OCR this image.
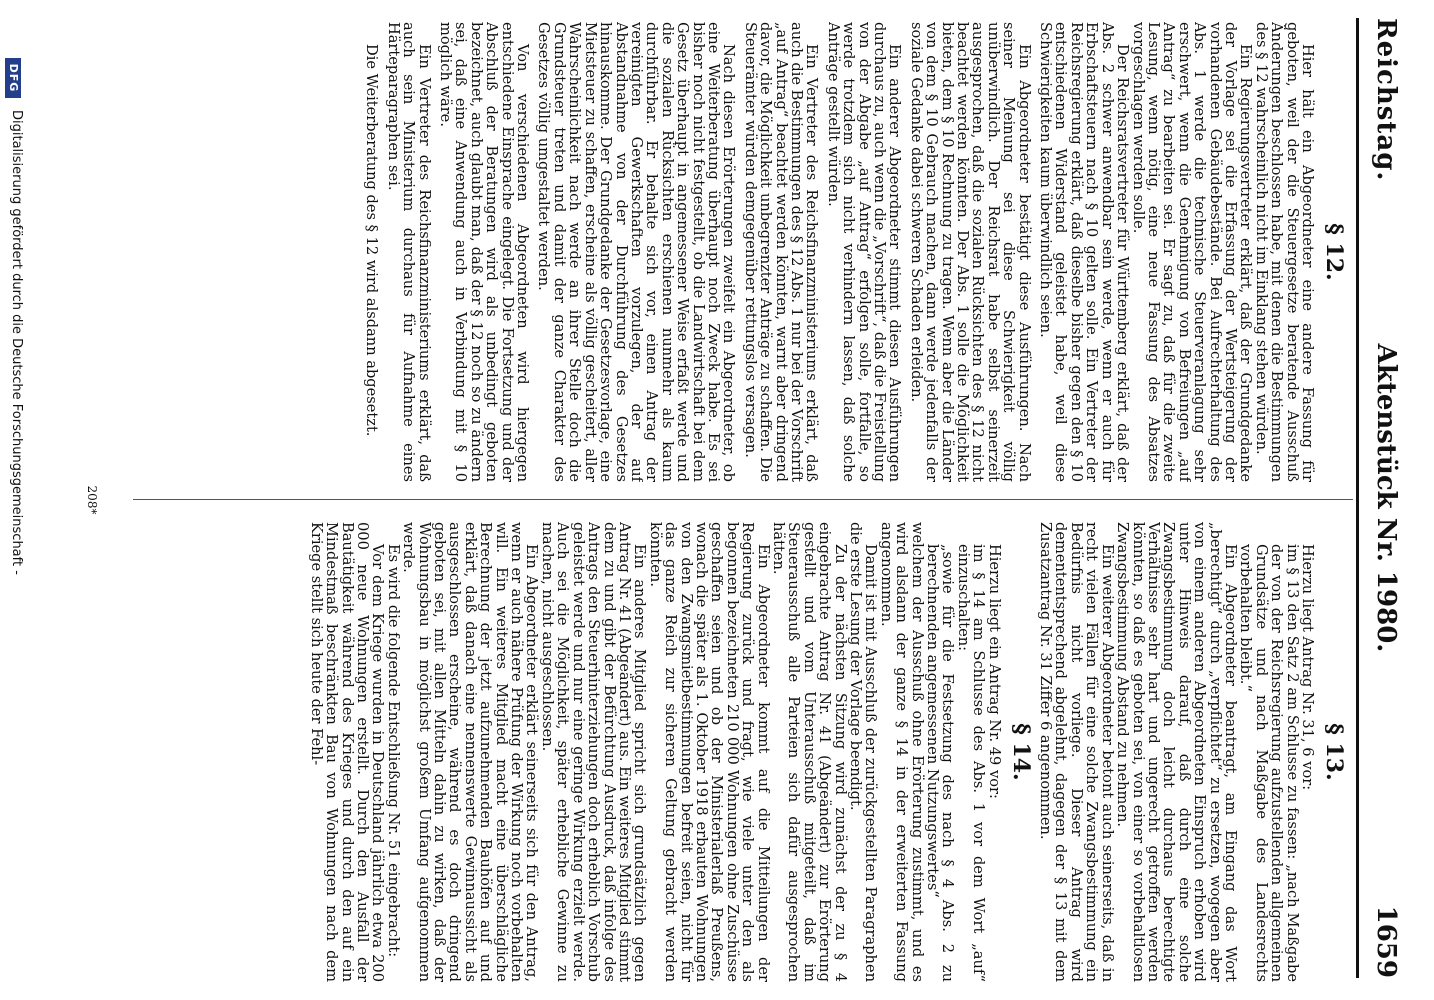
Reichstag.
Aktenstück Nr. 1980.
1659
§ 12.

Hier hält ein Abgeordneter eine andere Fassung für geboten, weil der die Steuergesetze beratende Ausschuß Änderungen beschlossen habe, mit denen die Bestimmungen des § 12 wahrscheinlich nicht im Einklang stehen würden.

Ein Regierungsvertreter erklärt, daß der Grundgedanke der Vorlage sei die Erfassung der Wertsteigerung der vorhandenen Gebäudebestände. Bei Aufrechterhaltung des Abs. 1 werde die technische Steuerveranlagung sehr erschwert, wenn die Genehmigung von Befreiungen „auf Antrag“ zu bearbeiten sei. Er sagt zu, daß für die zweite Lesung, wenn nötig, eine neue Fassung des Absatzes vorgeschlagen werden solle.

Der Reichsratsvertreter für Württemberg erklärt, daß der Abs. 2 schwer anwendbar sein werde, wenn er auch für Erbschaftsteuern nach § 10 gelten solle. Ein Vertreter der Reichsregierung erklärt, daß dieselbe bisher gegen den § 10 entschiedenen Widerstand geleistet habe, weil diese Schwierigkeiten kaum überwindlich seien.

Ein Abgeordneter bestätigt diese Ausführungen. Nach seiner Meinung sei diese Schwierigkeit völlig unüberwindlich. Der Reichsrat habe selbst seinerzeit ausgesprochen, daß die sozialen Rücksichten des § 12 nicht beachtet werden könnten. Der Abs. 1 solle die Möglichkeit bieten, dem § 10 Rechnung zu tragen. Wenn aber die Länder von dem § 10 Gebrauch machen, dann werde jedenfalls der soziale Gedanke dabei schweren Schaden erleiden.

Ein anderer Abgeordneter stimmt diesen Ausführungen durchaus zu, auch wenn die „Vorschrift“, daß die Freistellung von der Abgabe „auf Antrag“ erfolgen solle, fortfalle, so werde trotzdem sich nicht verhindern lassen, daß solche Anträge gestellt würden.

Ein Vertreter des Reichsfinanzministeriums erklärt, daß auch die Bestimmungen des § 12 Abs. 1 nur bei der Vorschrift „auf Antrag“ beachtet werden könnten, warnt aber dringend davor, die Möglichkeit unbegrenzter Anträge zu schaffen. Die Steuerämter würden demgegenüber rettungslos versagen.

Nach diesen Erörterungen zweifelt ein Abgeordneter, ob eine Weiterberatung überhaupt noch Zweck habe. Es sei bisher noch nicht festgestellt, ob die Landwirtschaft bei dem Gesetz überhaupt in angemessener Weise erfaßt werde und die sozialen Rücksichten erschienen nunmehr als kaum durchführbar. Er behalte sich vor, einen Antrag der vereinigten Gewerkschaften vorzulegen, der auf Abstandnahme von der Durchführung des Gesetzes hinauskomme. Der Grundgedanke der Gesetzesvorlage, eine Mietsteuer zu schaffen, erscheine als völlig gescheitert, aller Wahrscheinlichkeit nach werde an ihrer Stelle doch die Grundsteuer treten und damit der ganze Charakter des Gesetzes völlig umgestaltet werden.

Von verschiedenen Abgeordneten wird hiergegen entschiedene Einsprache eingelegt. Die Fortsetzung und der Abschluß der Beratungen wird als unbedingt geboten bezeichnet, auch glaubt man, daß der § 12 noch so zu ändern sei, daß eine Anwendung auch in Verbindung mit § 10 möglich wäre.

Ein Vertreter des Reichsfinanzministeriums erklärt, daß auch sein Ministerium durchaus für Aufnahme eines Härteparagraphen sei.

Die Weiterberatung des § 12 wird alsdann abgesetzt.

§ 13.

Hierzu liegt Antrag Nr. 31, 6 vor:

im § 13 den Satz 2 am Schlusse zu fassen: „nach Maßgabe der von der Reichsregierung aufzustellenden allgemeinen Grundsätze und nach Maßgabe des Landesrechts vorbehalten bleibt.“

Ein Abgeordneter beantragt, am Eingang das Wort „berechtigt“ durch „verpflichtet“ zu ersetzen, wogegen aber von einem anderen Abgeordneten Einspruch erhoben wird unter Hinweis darauf, daß durch eine solche Zwangsbestimmung doch leicht durchaus berechtigte Verhältnisse sehr hart und ungerecht getroffen werden könnten, so daß es geboten sei, von einer so vorbehaltlosen Zwangsbestimmung Abstand zu nehmen.

Ein weiterer Abgeordneter betont auch seinerseits, daß in recht vielen Fällen für eine solche Zwangsbestimmung ein Bedürfnis nicht vorliege. Dieser Antrag wird demententsprechend abgelehnt, dagegen der § 13 mit dem Zusatzantrag Nr. 31 Ziffer 6 angenommen.

§ 14.

Hierzu liegt ein Antrag Nr. 49 vor:

im § 14 am Schlusse des Abs. 1 vor dem Wort „auf“ einzuschalten:

„sowie für die Festsetzung des nach § 4 Abs. 2 zu berechnenden angemessenen Nutzungswertes“

welchem der Ausschuß ohne Erörterung zustimmt, und es wird alsdann der ganze § 14 in der erweiterten Fassung angenommen.

Damit ist mit Ausschluß der zurückgestellten Paragraphen die erste Lesung der Vorlage beendigt.

Zu der nächsten Sitzung wird zunächst der zu § 4 eingebrachte Antrag Nr. 41 (Abgeändert) zur Erörterung gestellt und vom Unterausschuß mitgeteilt, daß im Steuerausschuß alle Parteien sich dafür ausgesprochen hätten.

Ein Abgeordneter kommt auf die Mitteilungen der Regierung zurück und fragt, wie viele unter den als begonnen bezeichneten 210 000 Wohnungen ohne Zuschüsse geschaffen seien und ob der Ministerialerlaß Preußens, wonach die später als 1. Oktober 1918 erbauten Wohnungen von den Zwangsmietbestimmungen befreit seien, nicht für das ganze Reich zur sicheren Geltung gebracht werden könnten.

Ein anderes Mitglied spricht sich grundsätzlich gegen Antrag Nr. 41 (Abgeändert) aus. Ein weiteres Mitglied stimmt dem zu und gibt der Befürchtung Ausdruck, daß infolge des Antrags den Steuerhinterziehungen doch erheblich Vorschub geleistet werde und nur eine geringe Wirkung erzielt werde. Auch sei die Möglichkeit, später erhebliche Gewinne zu machen, nicht ausgeschlossen.

Ein Abgeordneter erklärt seinerseits sich für den Antrag, wenn er auch nähere Prüfung der Wirkung noch vorbehalten will. Ein weiteres Mitglied macht eine überschlägliche Berechnung der jetzt aufzunehmenden Bauhöfen auf und erklärt, daß danach eine nennenswerte Gewinnaussicht als ausgeschlossen erscheine, während es doch dringend geboten sei, mit allen Mitteln dahin zu wirken, daß der Wohnungsbau in möglichst großem Umfang aufgenommen werde.

Es wird die folgende Entschließung Nr. 51 eingebracht:

Vor dem Kriege wurden in Deutschland jährlich etwa 200 000 neue Wohnungen erstellt. Durch den Ausfall der Bautätigkeit während des Krieges und durch den auf ein Mindestmaß beschränkten Bau von Wohnungen nach dem Kriege stellt sich heute der Fehl-

208*
DFG
Digitalisierung gefördert durch die Deutsche Forschungsgemeinschaft -
